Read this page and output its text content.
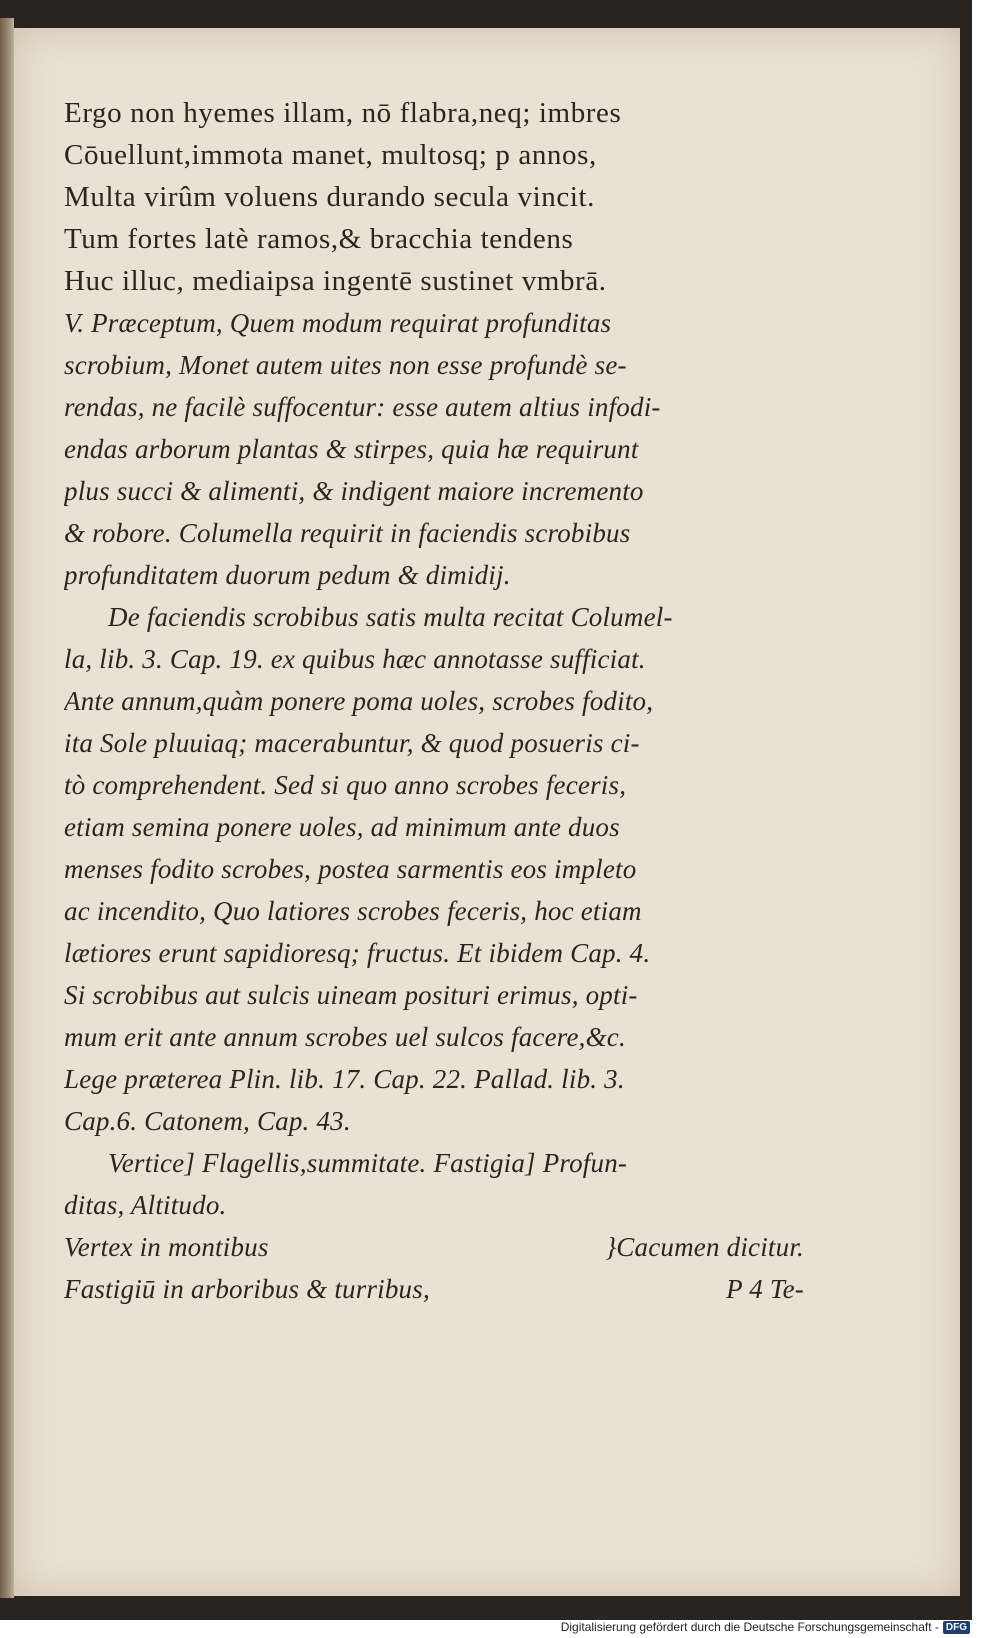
Ergo non hyemes illam, nō flabra,neq; imbres
Cōuellunt,immota manet, multosq; p annos,
Multa virûm voluens durando secula vincit.
Tum fortes latè ramos,& bracchia tendens
Huc illuc, mediaipsa ingentē sustinet vmbrā.
V. Præceptum, Quem modum requirat profunditas
scrobium, Monet autem uites non esse profundè se-
rendas, ne facilè suffocentur: esse autem altius infodi-
endas arborum plantas & stirpes, quia hæ requirunt
plus succi & alimenti, & indigent maiore incremento
& robore. Columella requirit in faciendis scrobibus
profunditatem duorum pedum & dimidij.
De faciendis scrobibus satis multa recitat Columel-
la, lib. 3. Cap. 19. ex quibus hæc annotasse sufficiat.
Ante annum,quàm ponere poma uoles, scrobes fodito,
ita Sole pluuiaq; macerabuntur, & quod posueris ci-
tò comprehendent. Sed si quo anno scrobes feceris,
etiam semina ponere uoles, ad minimum ante duos
menses fodito scrobes, postea sarmentis eos impleto
ac incendito, Quo latiores scrobes feceris, hoc etiam
lætiores erunt sapidioresq; fructus. Et ibidem Cap. 4.
Si scrobibus aut sulcis uineam posituri erimus, opti-
mum erit ante annum scrobes uel sulcos facere,&c.
Lege præterea Plin. lib. 17. Cap. 22. Pallad. lib. 3.
Cap.6. Catonem, Cap. 43.
Vertice] Flagellis,summitate. Fastigia] Profun-
ditas, Altitudo.
Vertex in montibus	}Cacumen dicitur.
Fastigiū in arboribus & turribus,	P 4 Te-
Digitalisierung gefördert durch die Deutsche Forschungsgemeinschaft - DFG
